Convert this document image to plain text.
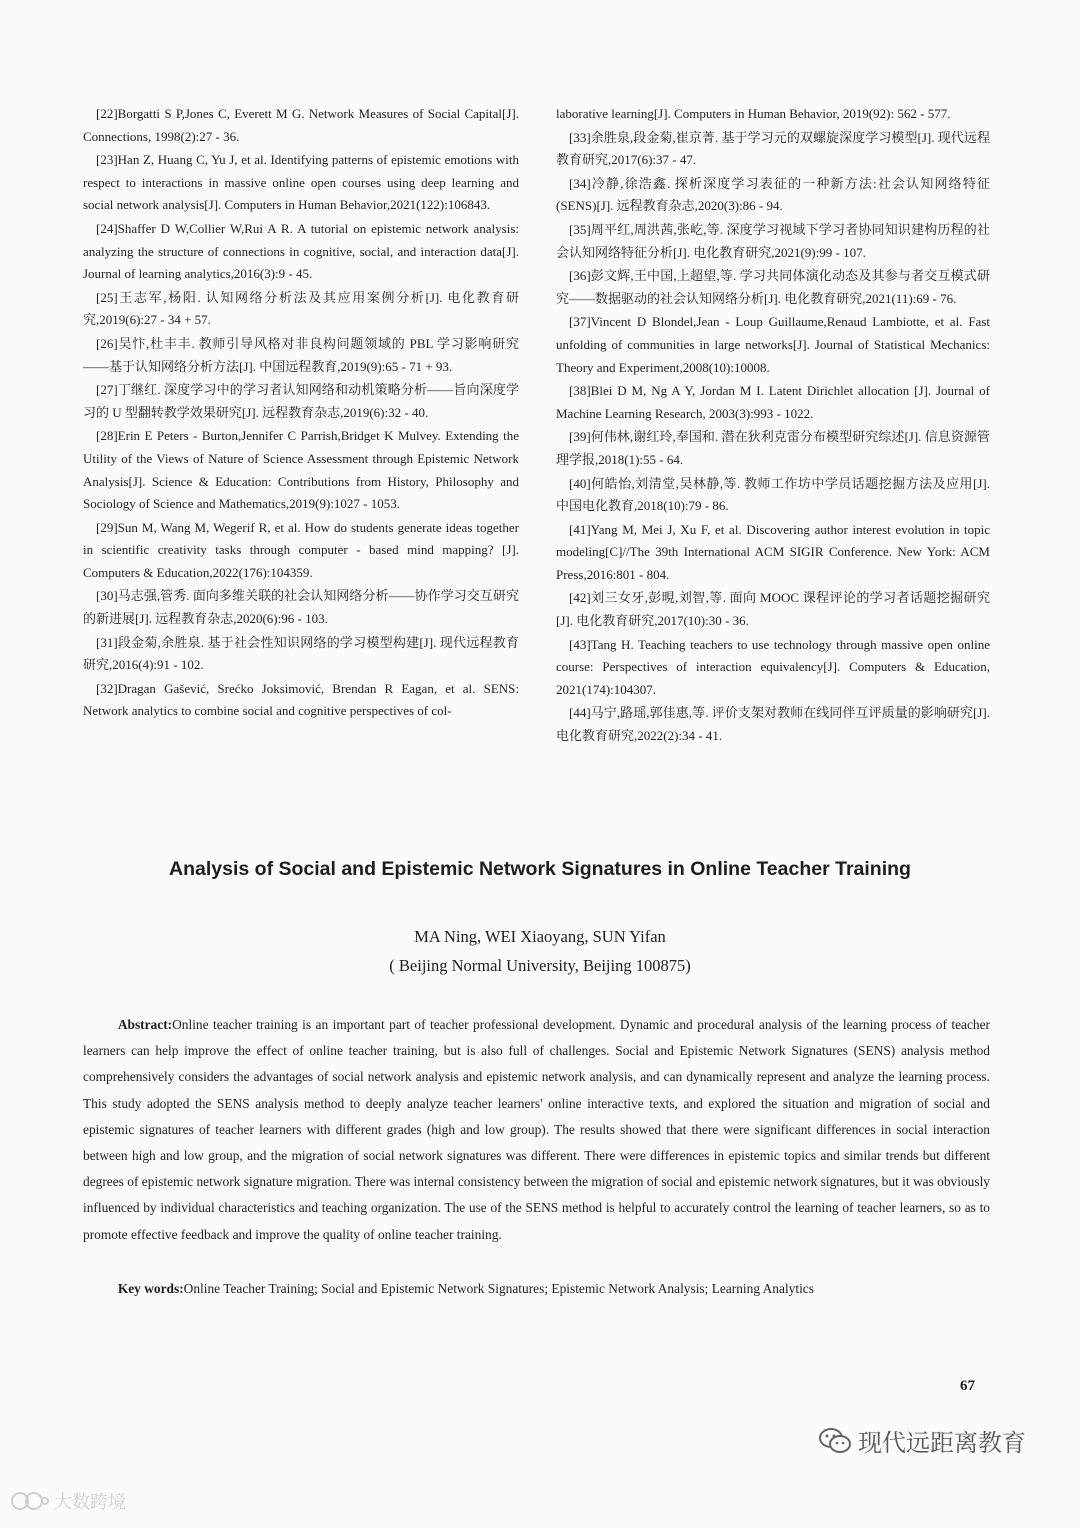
[22]Borgatti S P,Jones C, Everett M G. Network Measures of Social Capital[J]. Connections, 1998(2):27 - 36.

[23]Han Z, Huang C, Yu J, et al. Identifying patterns of epistemic emotions with respect to interactions in massive online open courses using deep learning and social network analysis[J]. Computers in Human Behavior,2021(122):106843.

[24]Shaffer D W,Collier W,Rui A R. A tutorial on epistemic network analysis: analyzing the structure of connections in cognitive, social, and interaction data[J]. Journal of learning analytics,2016(3):9 - 45.

[25]王志军,杨阳. 认知网络分析法及其应用案例分析[J]. 电化教育研究,2019(6):27 - 34 + 57.

[26]吴忭,杜丰丰. 教师引导风格对非良构问题领域的 PBL 学习影响研究——基于认知网络分析方法[J]. 中国远程教育,2019(9):65 - 71 + 93.

[27]丁继红. 深度学习中的学习者认知网络和动机策略分析——旨向深度学习的 U 型翻转教学效果研究[J]. 远程教育杂志,2019(6):32 - 40.

[28]Erin E Peters - Burton,Jennifer C Parrish,Bridget K Mulvey. Extending the Utility of the Views of Nature of Science Assessment through Epistemic Network Analysis[J]. Science & Education: Contributions from History, Philosophy and Sociology of Science and Mathematics,2019(9):1027 - 1053.

[29]Sun M, Wang M, Wegerif R, et al. How do students generate ideas together in scientific creativity tasks through computer - based mind mapping? [J]. Computers & Education,2022(176):104359.

[30]马志强,管秀. 面向多维关联的社会认知网络分析——协作学习交互研究的新进展[J]. 远程教育杂志,2020(6):96 - 103.

[31]段金菊,余胜泉. 基于社会性知识网络的学习模型构建[J]. 现代远程教育研究,2016(4):91 - 102.

[32]Dragan Gašević, Srećko Joksimović, Brendan R Eagan, et al. SENS: Network analytics to combine social and cognitive perspectives of col-

laborative learning[J]. Computers in Human Behavior, 2019(92): 562 - 577.

[33]余胜泉,段金菊,崔京菁. 基于学习元的双螺旋深度学习模型[J]. 现代远程教育研究,2017(6):37 - 47.

[34]冷静,徐浩鑫. 探析深度学习表征的一种新方法:社会认知网络特征(SENS)[J]. 远程教育杂志,2020(3):86 - 94.

[35]周平红,周洪茜,张屹,等. 深度学习视域下学习者协同知识建构历程的社会认知网络特征分析[J]. 电化教育研究,2021(9):99 - 107.

[36]彭文辉,王中国,上超望,等. 学习共同体演化动态及其参与者交互模式研究——数据驱动的社会认知网络分析[J]. 电化教育研究,2021(11):69 - 76.

[37]Vincent D Blondel,Jean - Loup Guillaume,Renaud Lambiotte, et al. Fast unfolding of communities in large networks[J]. Journal of Statistical Mechanics: Theory and Experiment,2008(10):10008.

[38]Blei D M, Ng A Y, Jordan M I. Latent Dirichlet allocation [J]. Journal of Machine Learning Research, 2003(3):993 - 1022.

[39]何伟林,谢红玲,奉国和. 潜在狄利克雷分布模型研究综述[J]. 信息资源管理学报,2018(1):55 - 64.

[40]何皓怡,刘清堂,吴林静,等. 教师工作坊中学员话题挖掘方法及应用[J]. 中国电化教育,2018(10):79 - 86.

[41]Yang M, Mei J, Xu F, et al. Discovering author interest evolution in topic modeling[C]//The 39th International ACM SIGIR Conference. New York: ACM Press,2016:801 - 804.

[42]刘三女牙,彭晛,刘智,等. 面向 MOOC 课程评论的学习者话题挖掘研究[J]. 电化教育研究,2017(10):30 - 36.

[43]Tang H. Teaching teachers to use technology through massive open online course: Perspectives of interaction equivalency[J]. Computers & Education, 2021(174):104307.

[44]马宁,路瑶,郭佳惠,等. 评价支架对教师在线同伴互评质量的影响研究[J]. 电化教育研究,2022(2):34 - 41.

Analysis of Social and Epistemic Network Signatures in Online Teacher Training
MA Ning, WEI Xiaoyang, SUN Yifan
( Beijing Normal University, Beijing 100875)

Abstract:Online teacher training is an important part of teacher professional development. Dynamic and procedural analysis of the learning process of teacher learners can help improve the effect of online teacher training, but is also full of challenges. Social and Epistemic Network Signatures (SENS) analysis method comprehensively considers the advantages of social network analysis and epistemic network analysis, and can dynamically represent and analyze the learning process. This study adopted the SENS analysis method to deeply analyze teacher learners' online interactive texts, and explored the situation and migration of social and epistemic signatures of teacher learners with different grades (high and low group). The results showed that there were significant differences in social interaction between high and low group, and the migration of social network signatures was different. There were differences in epistemic topics and similar trends but different degrees of epistemic network signature migration. There was internal consistency between the migration of social and epistemic network signatures, but it was obviously influenced by individual characteristics and teaching organization. The use of the SENS method is helpful to accurately control the learning of teacher learners, so as to promote effective feedback and improve the quality of online teacher training.

Key words:Online Teacher Training; Social and Epistemic Network Signatures; Epistemic Network Analysis; Learning Analytics

67
现代远距离教育
大数跨境
